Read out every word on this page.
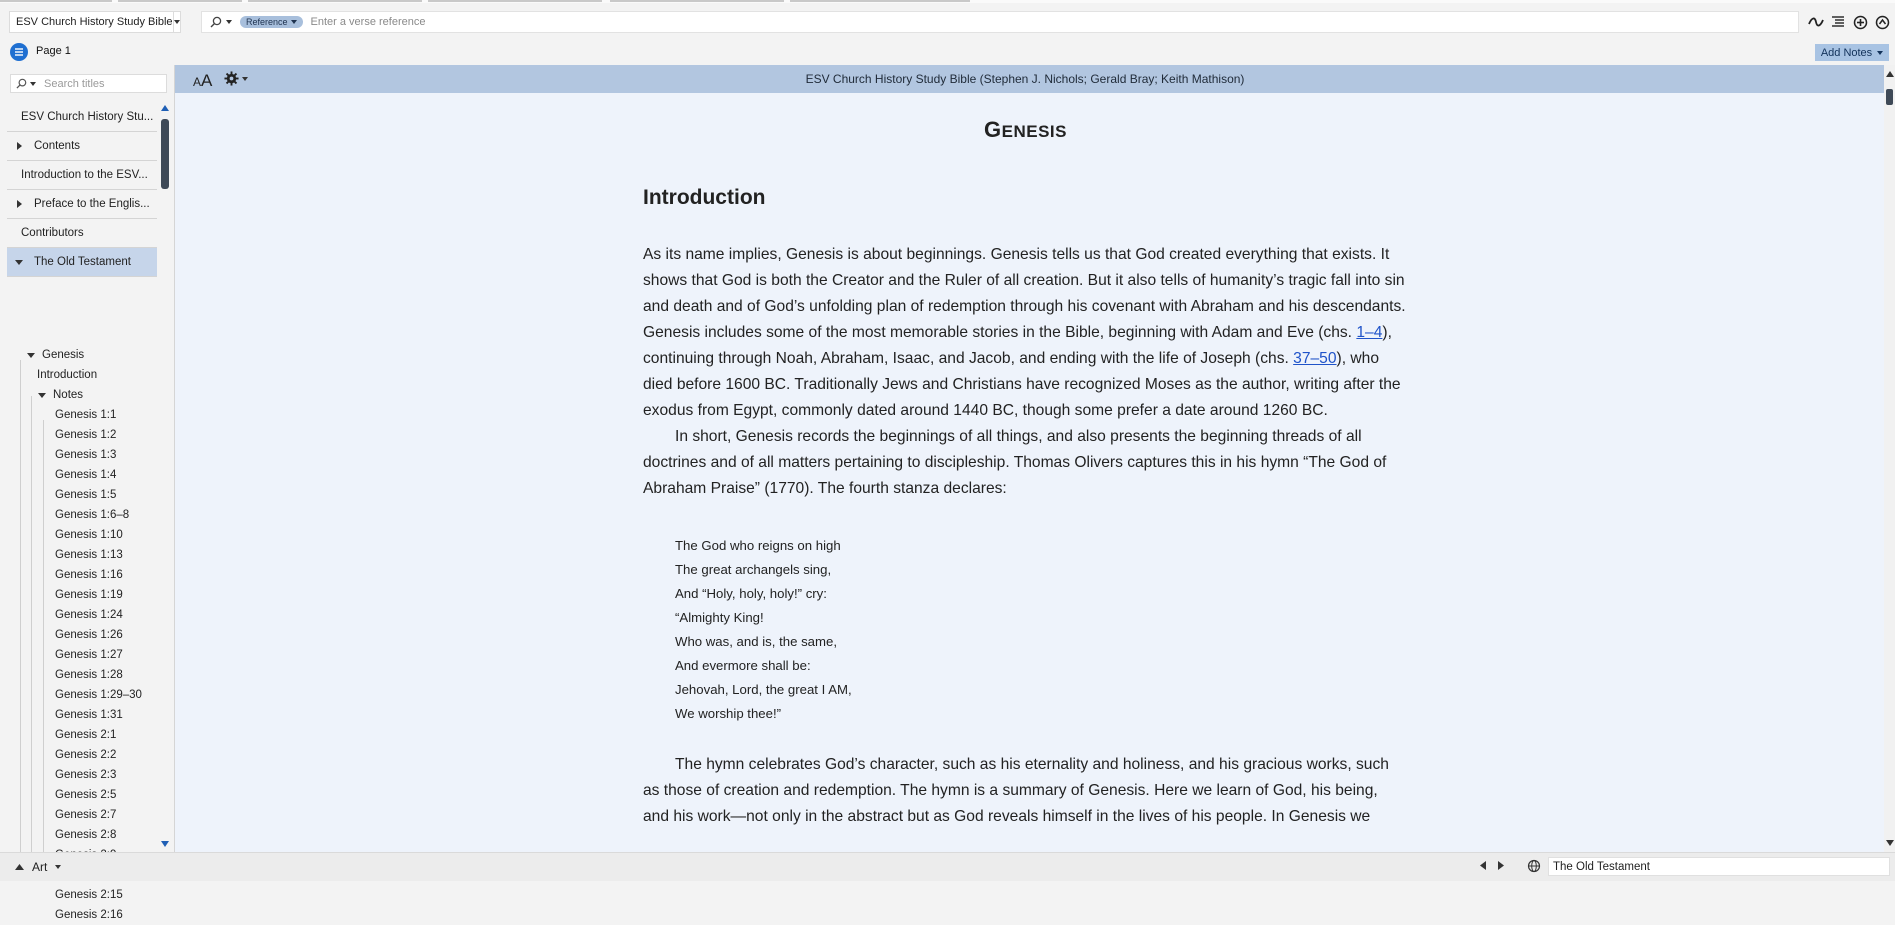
ESV Church History Study Bible	Reference
Enter a verse reference
Page 1	Add Notes
Search titles
ESV Church History Stu...
Contents
Introduction to the ESV...
Preface to the Englis...
Contributors
The Old Testament
Genesis
Introduction
Notes
Genesis 1:1
Genesis 1:2
Genesis 1:3
Genesis 1:4
Genesis 1:5
Genesis 1:6–8
Genesis 1:10
Genesis 1:13
Genesis 1:16
Genesis 1:19
Genesis 1:24
Genesis 1:26
Genesis 1:27
Genesis 1:28
Genesis 1:29–30
Genesis 1:31
Genesis 2:1
Genesis 2:2
Genesis 2:3
Genesis 2:5
Genesis 2:7
Genesis 2:8
Genesis 2:15
Genesis 2:16
AA	ESV Church History Study Bible (Stephen J. Nichols; Gerald Bray; Keith Mathison)
GENESIS
Introduction
As its name implies, Genesis is about beginnings. Genesis tells us that God created everything that exists. It shows that God is both the Creator and the Ruler of all creation. But it also tells of humanity’s tragic fall into sin and death and of God’s unfolding plan of redemption through his covenant with Abraham and his descendants. Genesis includes some of the most memorable stories in the Bible, beginning with Adam and Eve (chs. 1–4), continuing through Noah, Abraham, Isaac, and Jacob, and ending with the life of Joseph (chs. 37–50), who died before 1600 BC. Traditionally Jews and Christians have recognized Moses as the author, writing after the exodus from Egypt, commonly dated around 1440 BC, though some prefer a date around 1260 BC.
In short, Genesis records the beginnings of all things, and also presents the beginning threads of all doctrines and of all matters pertaining to discipleship. Thomas Olivers captures this in his hymn “The God of Abraham Praise” (1770). The fourth stanza declares:
The God who reigns on high
The great archangels sing,
And “Holy, holy, holy!” cry:
“Almighty King!
Who was, and is, the same,
And evermore shall be:
Jehovah, Lord, the great I AM,
We worship thee!”
The hymn celebrates God’s character, such as his eternality and holiness, and his gracious works, such as those of creation and redemption. The hymn is a summary of Genesis. Here we learn of God, his being, and his work—not only in the abstract but as God reveals himself in the lives of his people. In Genesis we
Art	The Old Testament
